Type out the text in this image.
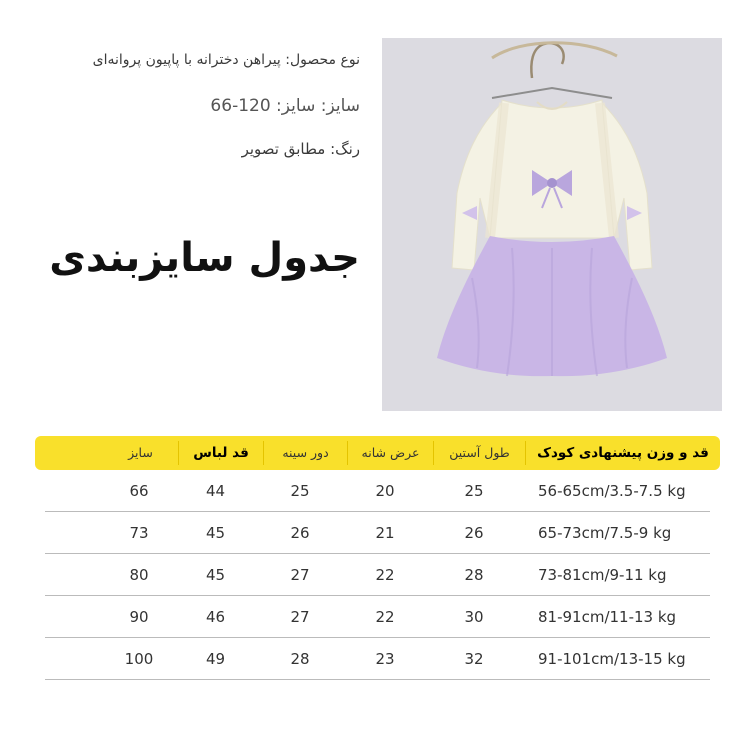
نوع محصول: پیراهن دخترانه با پاپیون پروانه‌ای
سایز: سایز: 120-66
رنگ: مطابق تصویر
جدول سایزبندی
قد و وزن پیشنهادی کودک
طول آستین
عرض شانه
دور سینه
قد لباس
سایز
56-65cm/3.5-7.5 kg
25
20
25
44
66
65-73cm/7.5-9 kg
26
21
26
45
73
73-81cm/9-11 kg
28
22
27
45
80
81-91cm/11-13 kg
30
22
27
46
90
91-101cm/13-15 kg
32
23
28
49
100
